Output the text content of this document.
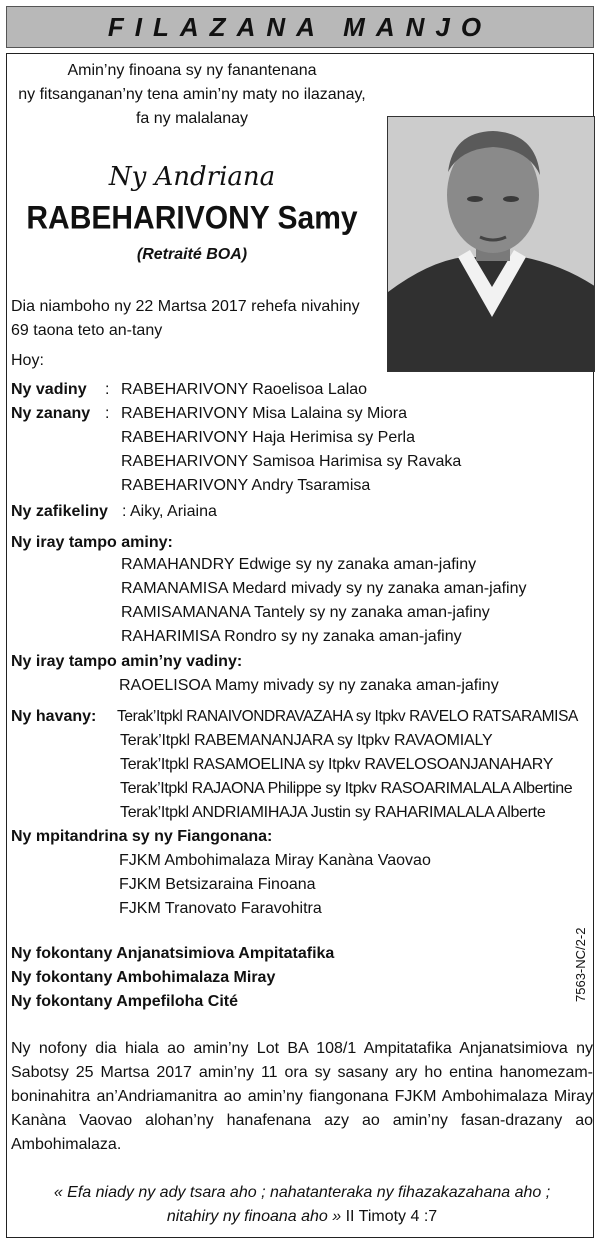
FILAZANA MANJO
Amin’ny finoana sy ny fanantenana
ny fitsanganan’ny tena amin’ny maty no ilazanay,
fa ny malalanay
Ny Andriana
RABEHARIVONY Samy
(Retraité BOA)
Dia niamboho ny 22 Martsa 2017 rehefa nivahiny
69 taona teto an-tany
Hoy:
Ny vadiny : RABEHARIVONY Raoelisoa Lalao
Ny zanany : RABEHARIVONY Misa Lalaina sy Miora
RABEHARIVONY Haja Herimisa sy Perla
RABEHARIVONY Samisoa Harimisa sy Ravaka
RABEHARIVONY Andry Tsaramisa
Ny zafikeliny : Aiky, Ariaina
Ny iray tampo aminy:
RAMAHANDRY Edwige sy ny zanaka aman-jafiny
RAMANAMISA Medard mivady sy ny zanaka aman-jafiny
RAMISAMANANA Tantely sy ny zanaka aman-jafiny
RAHARIMISA Rondro sy ny zanaka aman-jafiny
Ny iray tampo amin’ny vadiny:
RAOELISOA Mamy mivady sy ny zanaka aman-jafiny
Ny havany: Terak’Itpkl RANAIVONDRAVAZAHA sy Itpkv RAVELO RATSARAMISA
Terak’Itpkl RABEMANANJARA sy Itpkv RAVAOMIALY
Terak’Itpkl RASAMOELINA sy Itpkv RAVELOSOANJANAHARY
Terak’Itpkl RAJAONA Philippe sy Itpkv RASOARIMALALA Albertine
Terak’Itpkl ANDRIAMIHAJA Justin sy RAHARIMALALA Alberte
Ny mpitandrina sy ny Fiangonana:
FJKM Ambohimalaza Miray Kanàna Vaovao
FJKM Betsizaraina Finoana
FJKM Tranovato Faravohitra
Ny fokontany Anjanatsimiova Ampitatafika
Ny fokontany Ambohimalaza Miray
Ny fokontany Ampefiloha Cité	7563-NC/2-2
Ny nofony dia hiala ao amin’ny Lot BA 108/1 Ampitatafika Anjanatsimiova ny Sabotsy 25 Martsa 2017 amin’ny 11 ora sy sasany ary ho entina hanomezam-boninahitra an’Andriamanitra ao amin’ny fiangonana FJKM Ambohimalaza Miray Kanàna Vaovao alohan’ny hanafenana azy ao amin’ny fasan-drazany ao Ambohimalaza.
« Efa niady ny ady tsara aho ; nahatanteraka ny fihazakazahana aho ;
nitahiry ny finoana aho » II Timoty 4 :7
